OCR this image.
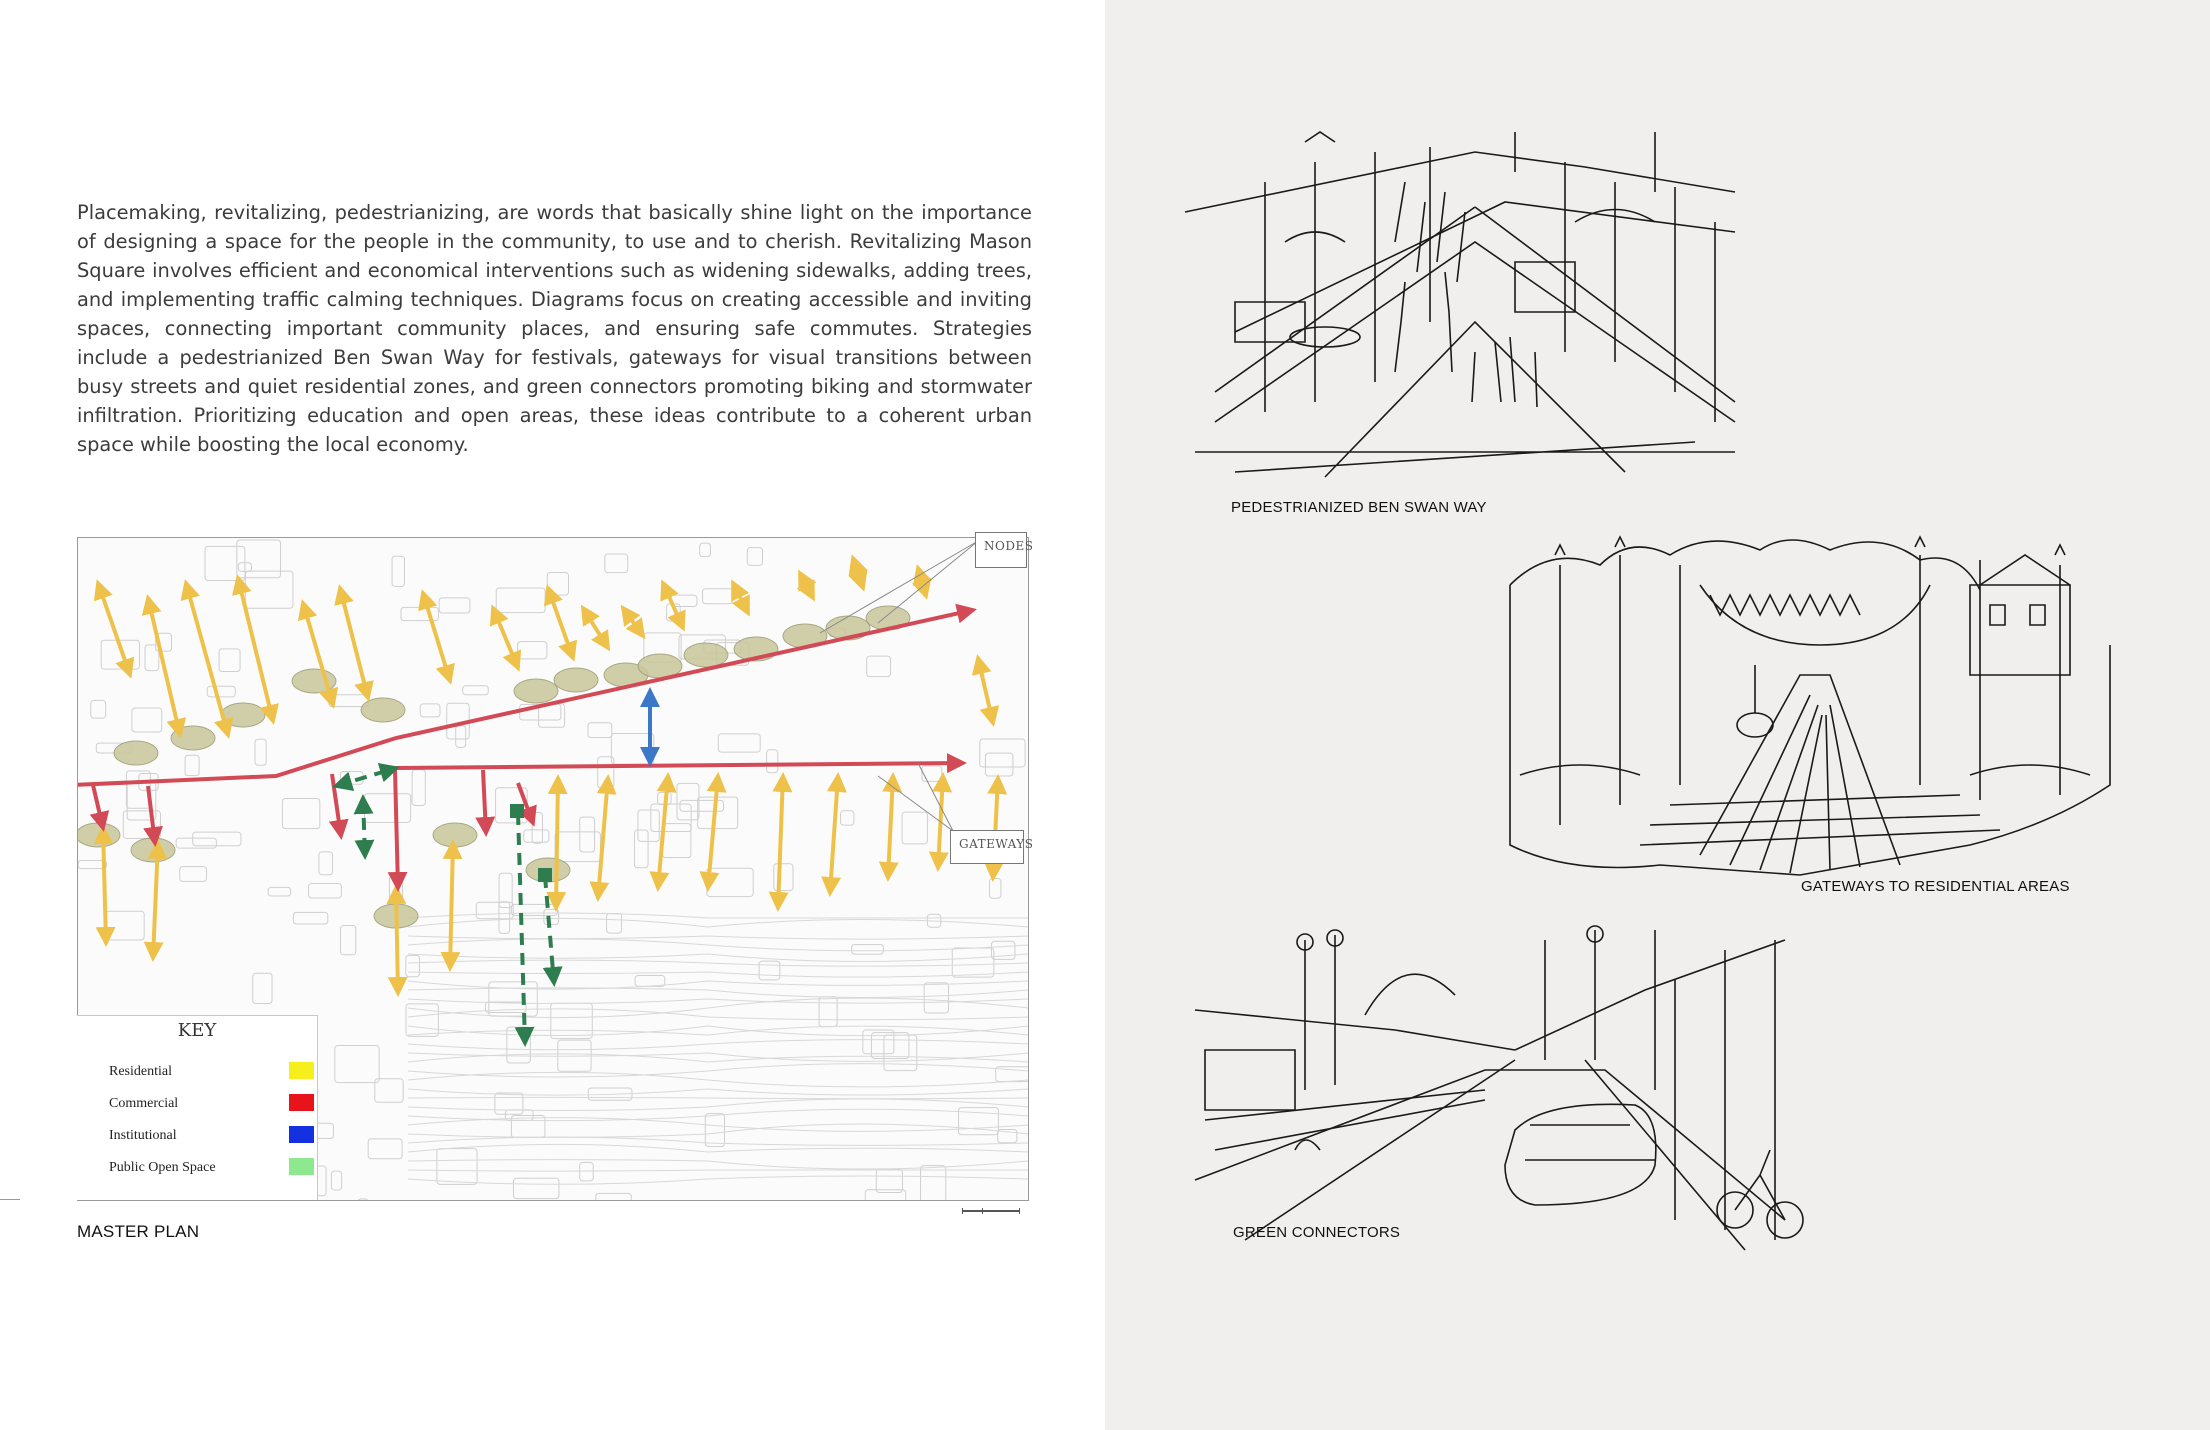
Placemaking, revitalizing, pedestrianizing, are words that basically shine light on the importance of designing a space for the people in the community, to use and to cherish. Revitalizing Mason Square involves efficient and economical interventions such as widening sidewalks, adding trees, and implementing traffic calming techniques. Diagrams focus on creating accessible and inviting spaces, connecting important community places, and ensuring safe commutes. Strategies include a pedestrianized Ben Swan Way for festivals, gateways for visual transitions between busy streets and quiet residential zones, and green connectors promoting biking and stormwater infiltration. Prioritizing education and open areas, these ideas contribute to a coherent urban space while boosting the local economy.

NODES
GATEWAYS
KEY
Residential
Commercial
Institutional
Public Open Space
MASTER PLAN
PEDESTRIANIZED BEN SWAN WAY
GATEWAYS TO RESIDENTIAL AREAS
GREEN CONNECTORS
